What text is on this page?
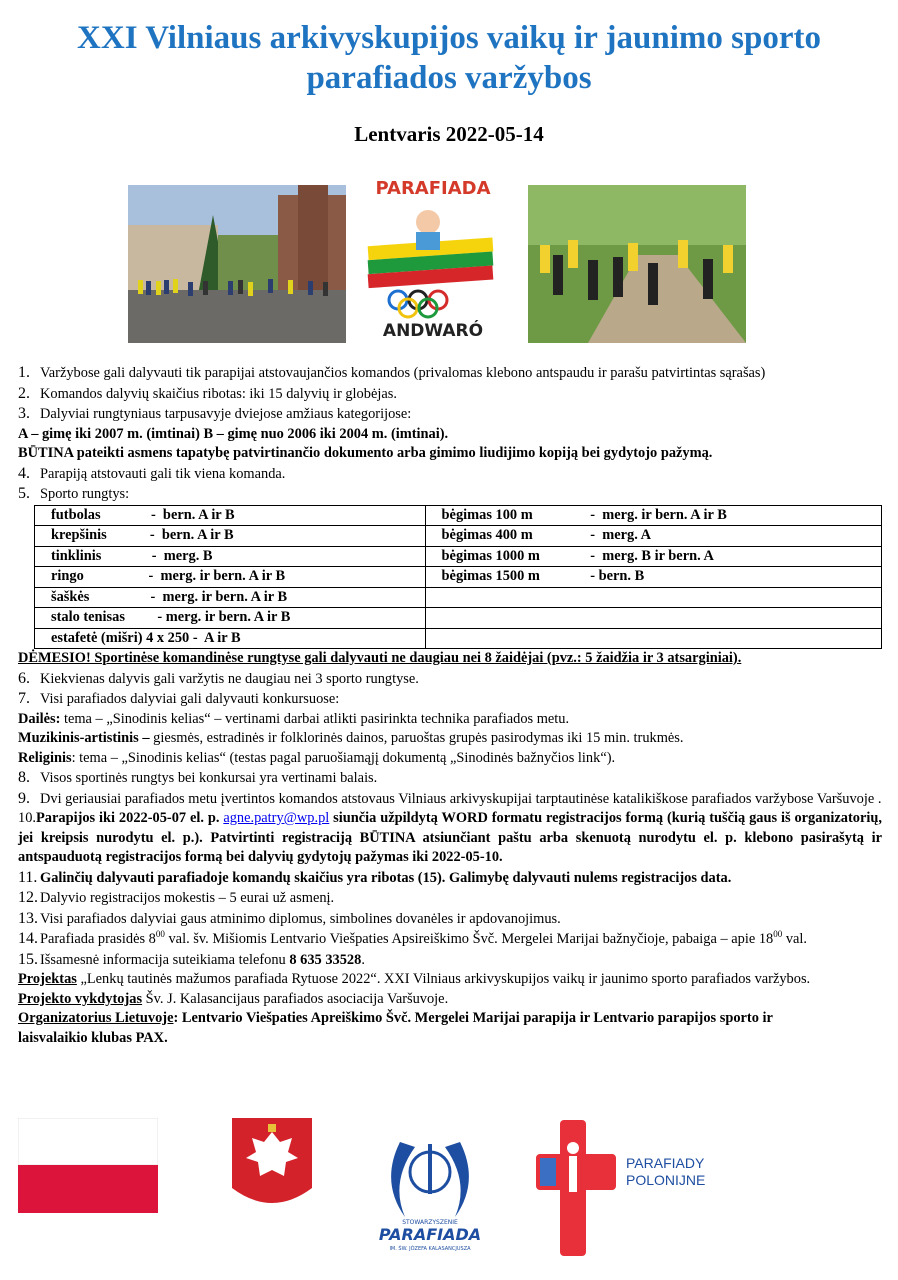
XXI Vilniaus arkivyskupijos vaikų ir jaunimo sporto
parafiados varžybos
Lentvaris 2022-05-14
PARAFIADA
ANDWARÓ

1. Varžybose gali dalyvauti tik parapijai atstovaujančios komandos (privalomas klebono antspaudu ir parašu patvirtintas sąrašas)

2. Komandos dalyvių skaičius ribotas: iki 15 dalyvių ir globėjas.

3. Dalyviai rungtyniaus tarpusavyje dviejose amžiaus kategorijose:

A – gimę iki 2007 m. (imtinai) B – gimę nuo 2006 iki 2004 m. (imtinai).

BŪTINA pateikti asmens tapatybę patvirtinančio dokumento arba gimimo liudijimo kopiją bei gydytojo pažymą.

4. Parapiją atstovauti gali tik viena komanda.

5. Sporto rungtys:

futbolas              -  bern. A ir B	bėgimas 100 m                -  merg. ir bern. A ir B
krepšinis            -  bern. A ir B	bėgimas 400 m                -  merg. A
tinklinis              -  merg. B	bėgimas 1000 m              -  merg. B ir bern. A
ringo                  -  merg. ir bern. A ir B	bėgimas 1500 m              - bern. B
šaškės                 -  merg. ir bern. A ir B	
stalo tenisas         - merg. ir bern. A ir B	
estafetė (mišri) 4 x 250 -  A ir B	

DĖMESIO! Sportinėse komandinėse rungtyse gali dalyvauti ne daugiau nei 8 žaidėjai (pvz.: 5 žaidžia ir 3 atsarginiai).

6. Kiekvienas dalyvis gali varžytis ne daugiau nei 3 sporto rungtyse.

7. Visi parafiados dalyviai gali dalyvauti konkursuose:

Dailės: tema – „Sinodinis kelias“ – vertinami darbai atlikti pasirinkta technika parafiados metu.

Muzikinis-artistinis – giesmės, estradinės ir folklorinės dainos, paruoštas grupės pasirodymas iki 15 min. trukmės.

Religinis: tema – „Sinodinis kelias“ (testas pagal paruošiamąjį dokumentą „Sinodinės bažnyčios link“).

8. Visos sportinės rungtys bei konkursai yra vertinami balais.

9. Dvi geriausiai parafiados metu įvertintos komandos atstovaus Vilniaus arkivyskupijai tarptautinėse katalikiškose parafiados varžybose Varšuvoje .

10.Parapijos iki 2022-05-07 el. p. agne.patry@wp.pl siunčia užpildytą WORD formatu registracijos formą (kurią tuščią gaus iš organizatorių, jei kreipsis nurodytu el. p.). Patvirtinti registraciją BŪTINA atsiunčiant paštu arba skenuotą nurodytu el. p. klebono pasirašytą ir antspauduotą registracijos formą bei dalyvių gydytojų pažymas iki 2022-05-10.

11. Galinčių dalyvauti parafiadoje komandų skaičius yra ribotas (15). Galimybę dalyvauti nulems registracijos data.

12. Dalyvio registracijos mokestis – 5 eurai už asmenį.

13. Visi parafiados dalyviai gaus atminimo diplomus, simbolines dovanėles ir apdovanojimus.

14. Parafiada prasidės $8^{00}$ val. šv. Mišiomis Lentvario Viešpaties Apsireiškimo Švč. Mergelei Marijai bažnyčioje, pabaiga – apie $18^{00}$ val.

15. Išsamesnė informacija suteikiama telefonu 8 635 33528.

Projektas „Lenkų tautinės mažumos parafiada Rytuose 2022“. XXI Vilniaus arkivyskupijos vaikų ir jaunimo sporto parafiados varžybos.

Projekto vykdytojas Šv. J. Kalasancijaus parafiados asociacija Varšuvoje.

Organizatorius Lietuvoje: Lentvario Viešpaties Apreiškimo Švč. Mergelei Marijai parapija ir Lentvario parapijos sporto ir laisvalaikio klubas PAX.

STOWARZYSZENIE
PARAFIADA
IM. ŚW. JÓZEFA KALASANCJUSZA
PARAFIADY
POLONIJNE
